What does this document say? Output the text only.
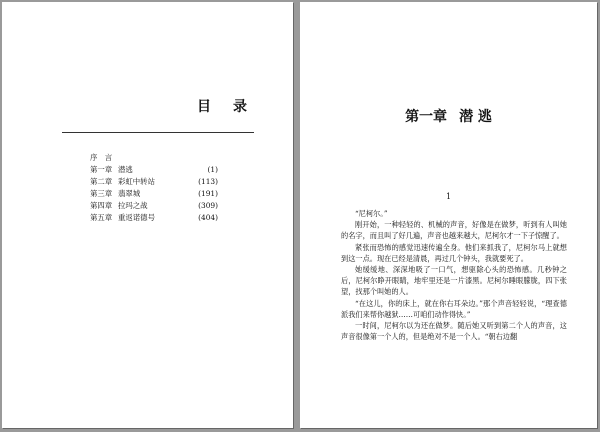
目 录
序　言
第一章 潜逃	(1)
第二章 彩虹中转站	(113)
第三章 翡翠城	(191)
第四章 拉玛之战	(309)
第五章 重返诺德号	(404)
第一章 潜 逃
1

“尼柯尔。”

刚开始，一种轻轻的、机械的声音，好像是在做梦，听到有人叫她的名字，而且叫了好几遍，声音也越来越大，尼柯尔才一下子惊醒了。

紧张而恐怖的感觉迅速传遍全身。他们来抓我了，尼柯尔马上就想到这一点。现在已经是清晨，再过几个钟头，我就要死了。

她缓缓地、深深地吸了一口气，想驱除心头的恐怖感。几秒钟之后，尼柯尔睁开眼睛，地牢里还是一片漆黑。尼柯尔睡眼朦胧，四下张望，找那个叫她的人。

“在这儿，你的床上，就在你右耳朵边。”那个声音轻轻说，“理查德派我们来帮你越狱……可咱们动作得快。”

一时间，尼柯尔以为还在做梦。随后她又听到第二个人的声音，这声音很像第一个人的，但是绝对不是一个人。“朝右边翻
